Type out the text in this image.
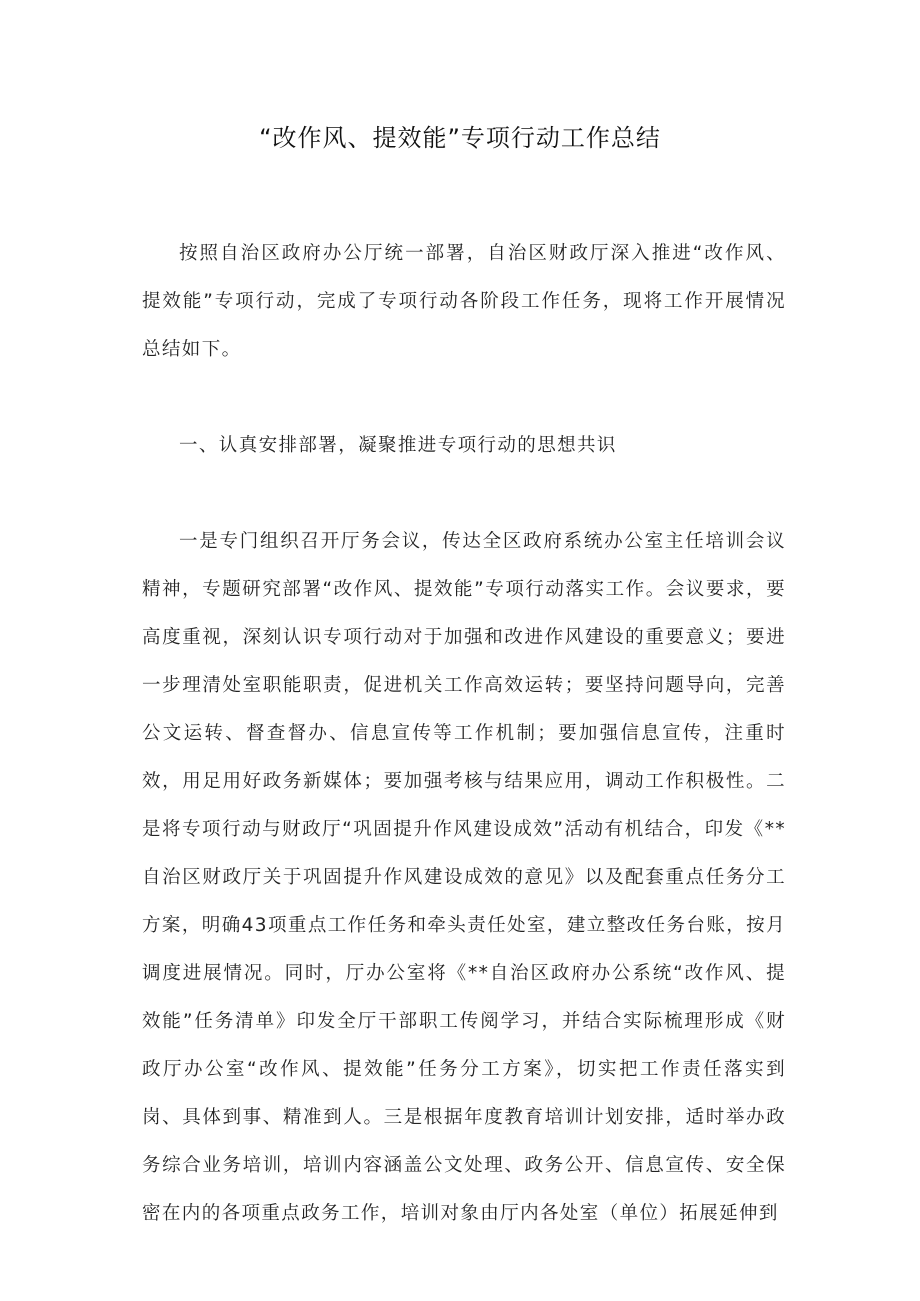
“改作风、提效能”专项行动工作总结

按照自治区政府办公厅统一部署，自治区财政厅深入推进“改作风、提效能”专项行动，完成了专项行动各阶段工作任务，现将工作开展情况总结如下。

一、认真安排部署，凝聚推进专项行动的思想共识

一是专门组织召开厅务会议，传达全区政府系统办公室主任培训会议精神，专题研究部署“改作风、提效能”专项行动落实工作。会议要求，要高度重视，深刻认识专项行动对于加强和改进作风建设的重要意义；要进一步理清处室职能职责，促进机关工作高效运转；要坚持问题导向，完善公文运转、督查督办、信息宣传等工作机制；要加强信息宣传，注重时效，用足用好政务新媒体；要加强考核与结果应用，调动工作积极性。二是将专项行动与财政厅“巩固提升作风建设成效”活动有机结合，印发《**自治区财政厅关于巩固提升作风建设成效的意见》以及配套重点任务分工方案，明确43项重点工作任务和牵头责任处室，建立整改任务台账，按月调度进展情况。同时，厅办公室将《**自治区政府办公系统“改作风、提效能”任务清单》印发全厅干部职工传阅学习，并结合实际梳理形成《财政厅办公室“改作风、提效能”任务分工方案》，切实把工作责任落实到岗、具体到事、精准到人。三是根据年度教育培训计划安排，适时举办政务综合业务培训，培训内容涵盖公文处理、政务公开、信息宣传、安全保密在内的各项重点政务工作，培训对象由厅内各处室（单位）拓展延伸到
